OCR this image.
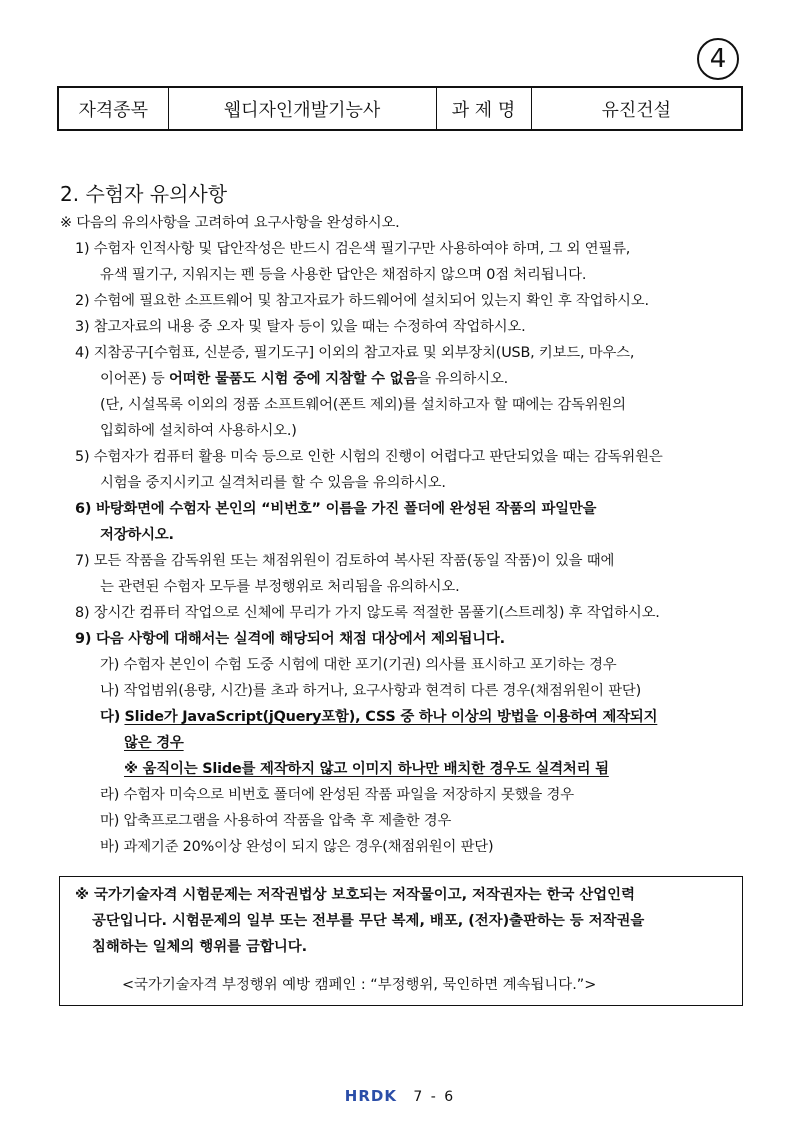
4
자격종목	웹디자인개발기능사	과 제 명	유진건설
2. 수험자 유의사항
※ 다음의 유의사항을 고려하여 요구사항을 완성하시오.
1) 수험자 인적사항 및 답안작성은 반드시 검은색 필기구만 사용하여야 하며, 그 외 연필류,
유색 필기구, 지워지는 펜 등을 사용한 답안은 채점하지 않으며 0점 처리됩니다.
2) 수험에 필요한 소프트웨어 및 참고자료가 하드웨어에 설치되어 있는지 확인 후 작업하시오.
3) 참고자료의 내용 중 오자 및 탈자 등이 있을 때는 수정하여 작업하시오.
4) 지참공구[수험표, 신분증, 필기도구] 이외의 참고자료 및 외부장치(USB, 키보드, 마우스,
이어폰) 등 어떠한 물품도 시험 중에 지참할 수 없음을 유의하시오.
(단, 시설목록 이외의 정품 소프트웨어(폰트 제외)를 설치하고자 할 때에는 감독위원의
입회하에 설치하여 사용하시오.)
5) 수험자가 컴퓨터 활용 미숙 등으로 인한 시험의 진행이 어렵다고 판단되었을 때는 감독위원은
시험을 중지시키고 실격처리를 할 수 있음을 유의하시오.
6) 바탕화면에 수험자 본인의 “비번호” 이름을 가진 폴더에 완성된 작품의 파일만을
저장하시오.
7) 모든 작품을 감독위원 또는 채점위원이 검토하여 복사된 작품(동일 작품)이 있을 때에
는 관련된 수험자 모두를 부정행위로 처리됨을 유의하시오.
8) 장시간 컴퓨터 작업으로 신체에 무리가 가지 않도록 적절한 몸풀기(스트레칭) 후 작업하시오.
9) 다음 사항에 대해서는 실격에 해당되어 채점 대상에서 제외됩니다.
가) 수험자 본인이 수험 도중 시험에 대한 포기(기권) 의사를 표시하고 포기하는 경우
나) 작업범위(용량, 시간)를 초과 하거나, 요구사항과 현격히 다른 경우(채점위원이 판단)
다) Slide가 JavaScript(jQuery포함), CSS 중 하나 이상의 방법을 이용하여 제작되지
않은 경우
※ 움직이는 Slide를 제작하지 않고 이미지 하나만 배치한 경우도 실격처리 됨
라) 수험자 미숙으로 비번호 폴더에 완성된 작품 파일을 저장하지 못했을 경우
마) 압축프로그램을 사용하여 작품을 압축 후 제출한 경우
바) 과제기준 20%이상 완성이 되지 않은 경우(채점위원이 판단)
※ 국가기술자격 시험문제는 저작권법상 보호되는 저작물이고, 저작권자는 한국 산업인력
공단입니다. 시험문제의 일부 또는 전부를 무단 복제, 배포, (전자)출판하는 등 저작권을
침해하는 일체의 행위를 금합니다.
<국가기술자격 부정행위 예방 캠페인 : “부정행위, 묵인하면 계속됩니다.”>
HRDK 7 - 6
